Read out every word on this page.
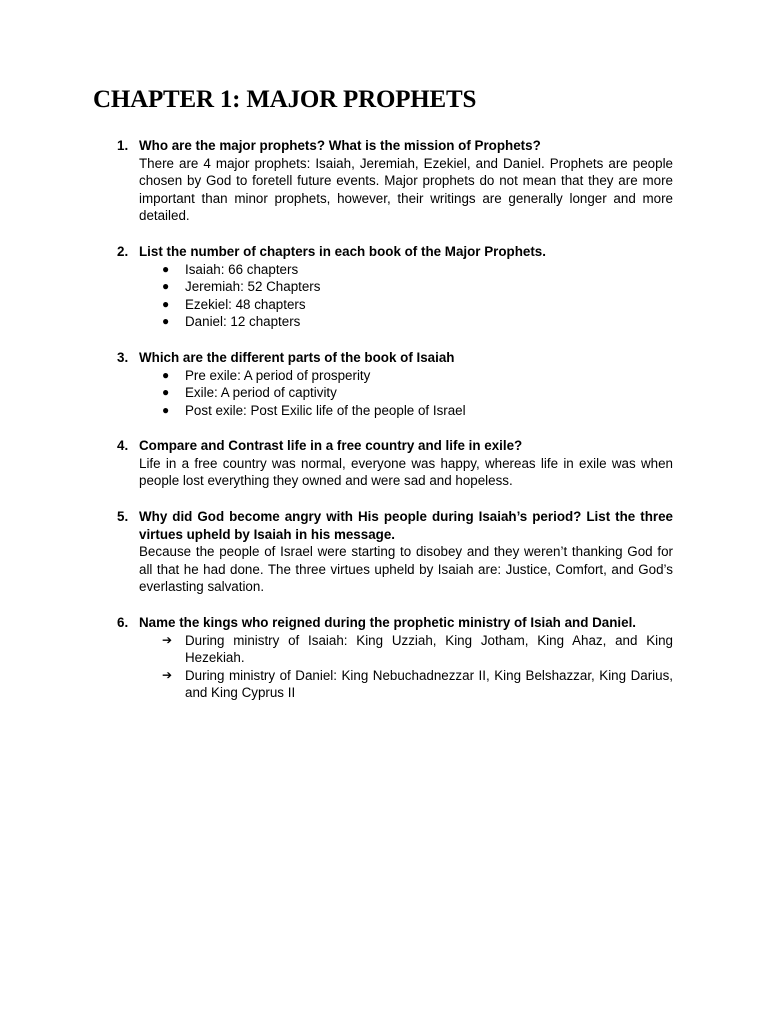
CHAPTER 1: MAJOR PROPHETS
1. Who are the major prophets? What is the mission of Prophets?
There are 4 major prophets: Isaiah, Jeremiah, Ezekiel, and Daniel. Prophets are people chosen by God to foretell future events. Major prophets do not mean that they are more important than minor prophets, however, their writings are generally longer and more detailed.
2. List the number of chapters in each book of the Major Prophets.
● Isaiah: 66 chapters
● Jeremiah: 52 Chapters
● Ezekiel: 48 chapters
● Daniel: 12 chapters
3. Which are the different parts of the book of Isaiah
● Pre exile: A period of prosperity
● Exile: A period of captivity
● Post exile: Post Exilic life of the people of Israel
4. Compare and Contrast life in a free country and life in exile?
Life in a free country was normal, everyone was happy, whereas life in exile was when people lost everything they owned and were sad and hopeless.
5. Why did God become angry with His people during Isaiah’s period? List the three virtues upheld by Isaiah in his message.
Because the people of Israel were starting to disobey and they weren’t thanking God for all that he had done. The three virtues upheld by Isaiah are: Justice, Comfort, and God’s everlasting salvation.
6. Name the kings who reigned during the prophetic ministry of Isiah and Daniel.
➔ During ministry of Isaiah: King Uzziah, King Jotham, King Ahaz, and King Hezekiah.
➔ During ministry of Daniel: King Nebuchadnezzar II, King Belshazzar, King Darius, and King Cyprus II
